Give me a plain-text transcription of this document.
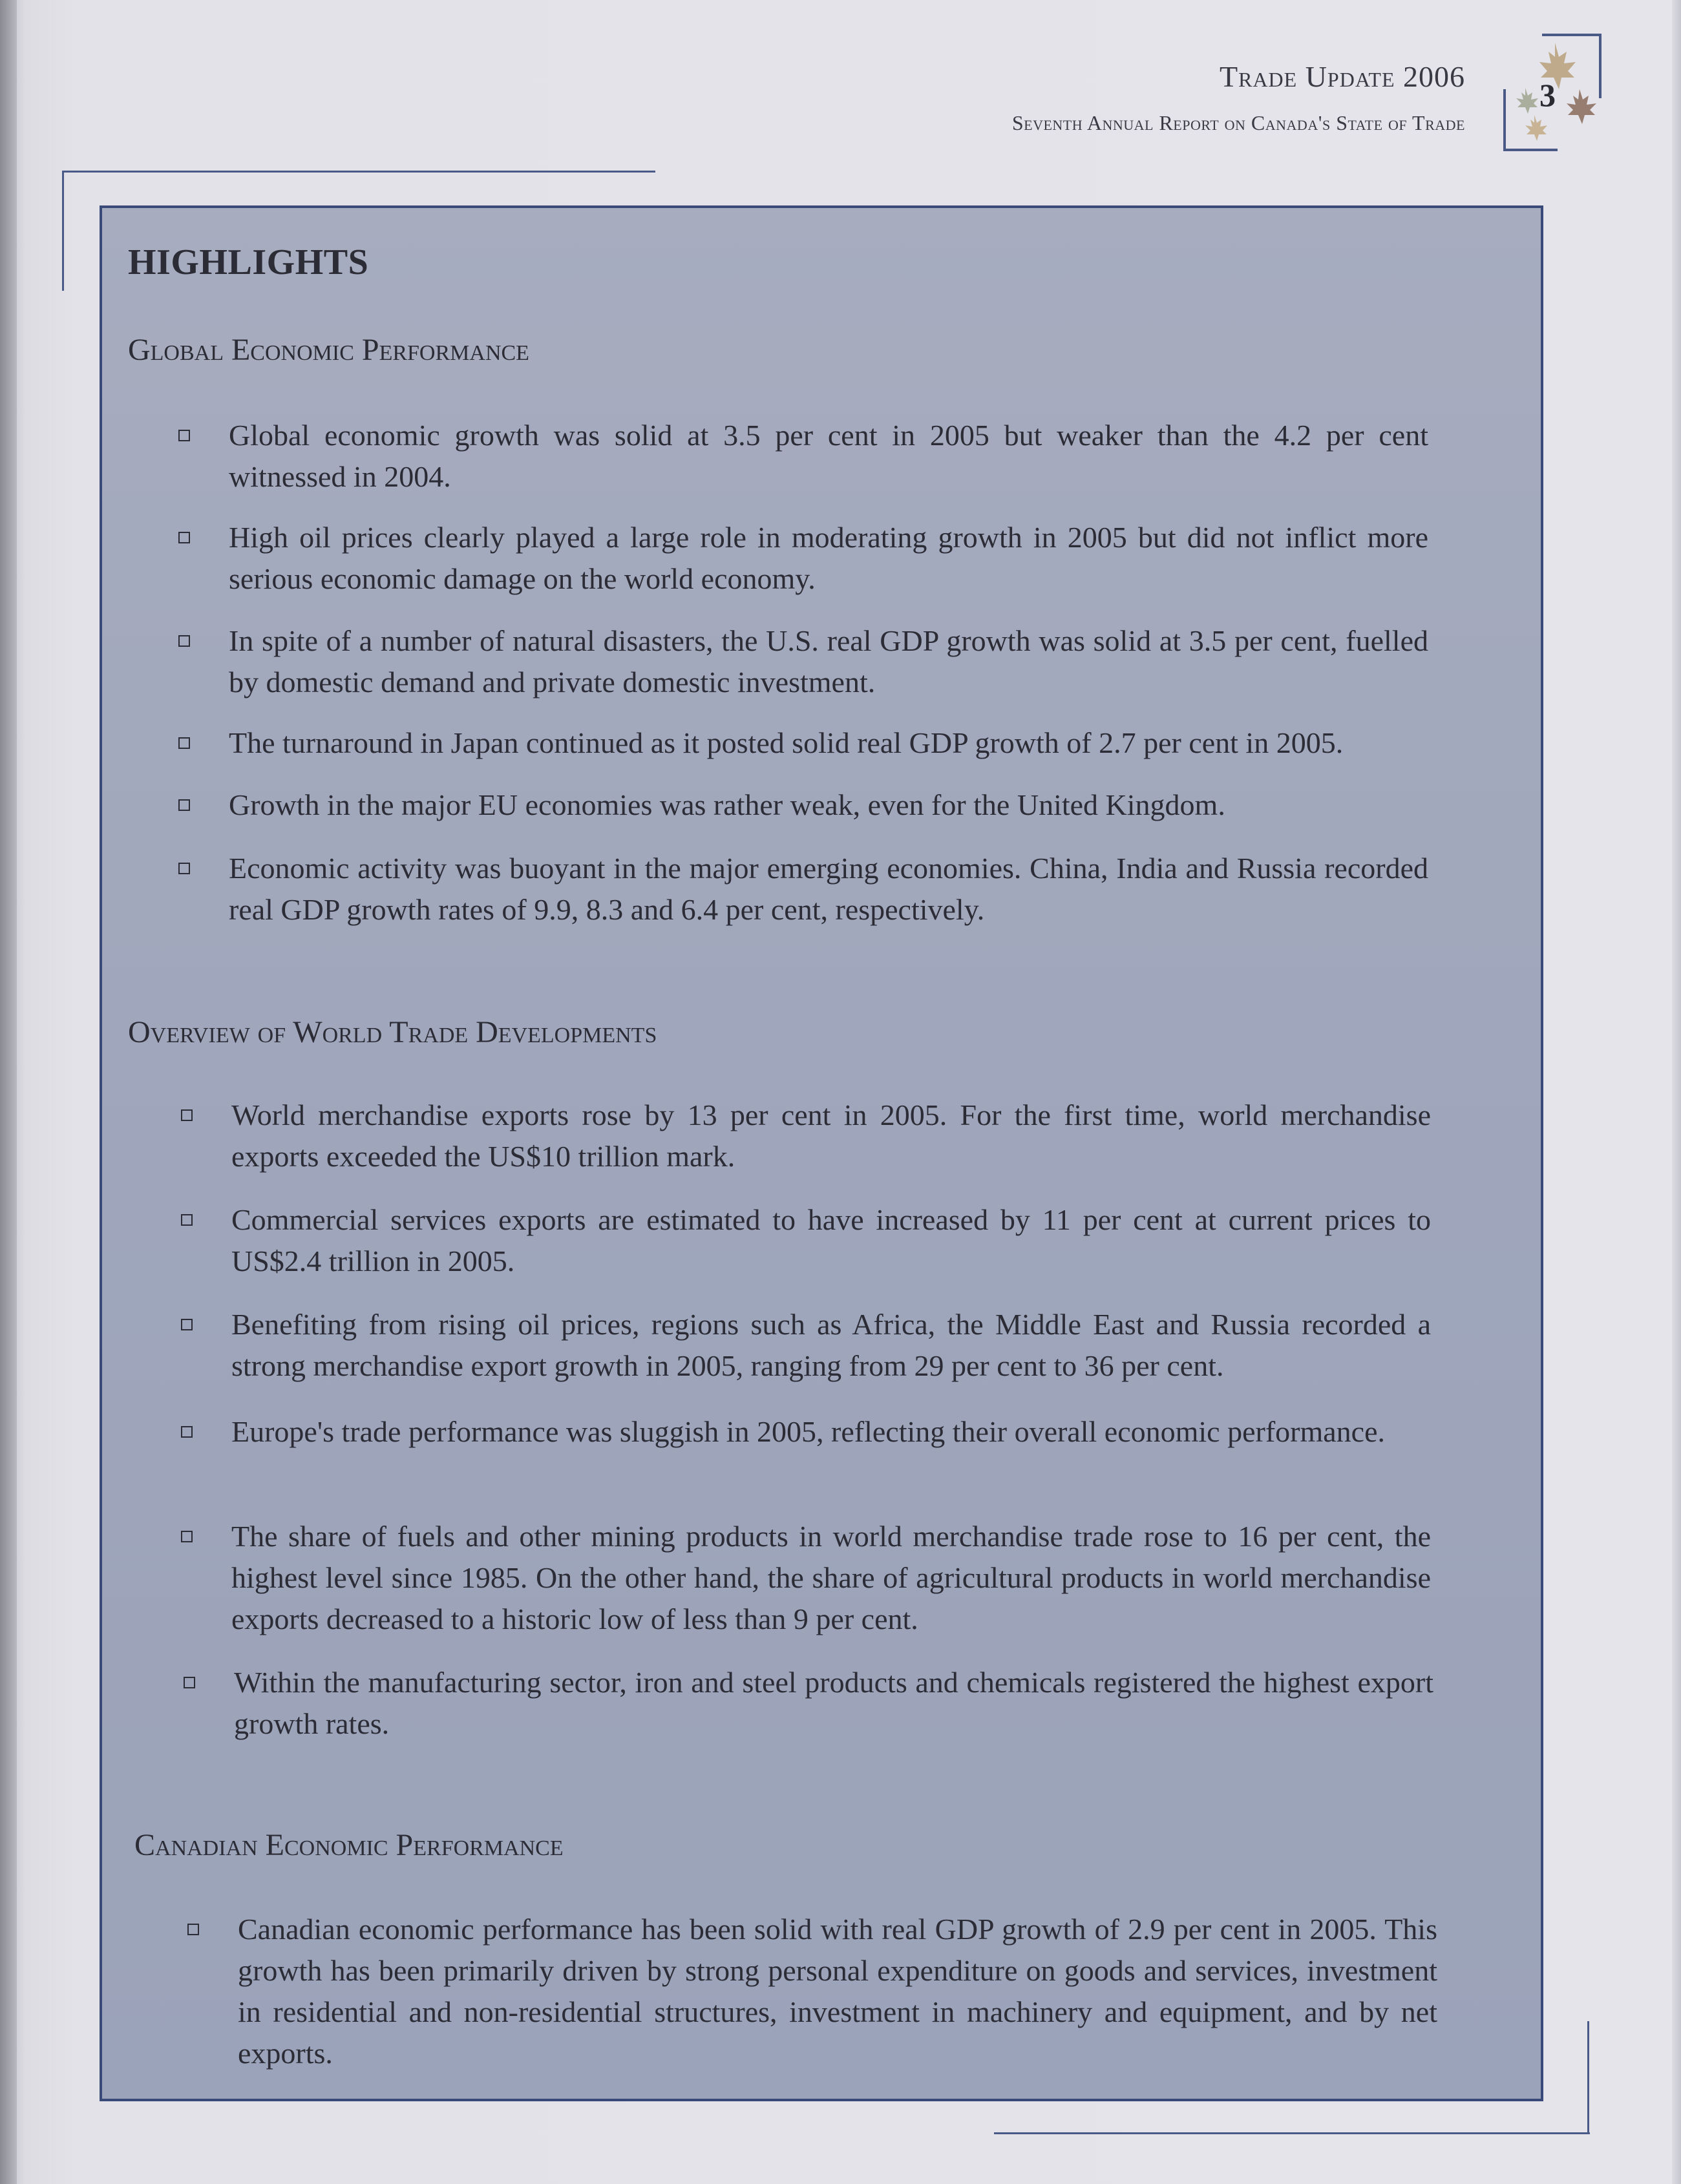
Trade Update 2006
Seventh Annual Report on Canada's State of Trade
3
HIGHLIGHTS
Global Economic Performance
Global economic growth was solid at 3.5 per cent in 2005 but weaker than the 4.2 per cent witnessed in 2004.
High oil prices clearly played a large role in moderating growth in 2005 but did not inflict more serious economic damage on the world economy.
In spite of a number of natural disasters, the U.S. real GDP growth was solid at 3.5 per cent, fuelled by domestic demand and private domestic investment.
The turnaround in Japan continued as it posted solid real GDP growth of 2.7 per cent in 2005.
Growth in the major EU economies was rather weak, even for the United Kingdom.
Economic activity was buoyant in the major emerging economies. China, India and Russia recorded real GDP growth rates of 9.9, 8.3 and 6.4 per cent, respectively.
Overview of World Trade Developments
World merchandise exports rose by 13 per cent in 2005. For the first time, world merchandise exports exceeded the US$10 trillion mark.
Commercial services exports are estimated to have increased by 11 per cent at current prices to US$2.4 trillion in 2005.
Benefiting from rising oil prices, regions such as Africa, the Middle East and Russia recorded a strong merchandise export growth in 2005, ranging from 29 per cent to 36 per cent.
Europe's trade performance was sluggish in 2005, reflecting their overall economic performance.
The share of fuels and other mining products in world merchandise trade rose to 16 per cent, the highest level since 1985. On the other hand, the share of agricultural products in world merchandise exports decreased to a historic low of less than 9 per cent.
Within the manufacturing sector, iron and steel products and chemicals registered the highest export growth rates.
Canadian Economic Performance
Canadian economic performance has been solid with real GDP growth of 2.9 per cent in 2005. This growth has been primarily driven by strong personal expenditure on goods and services, investment in residential and non-residential structures, investment in machinery and equipment, and by net exports.
